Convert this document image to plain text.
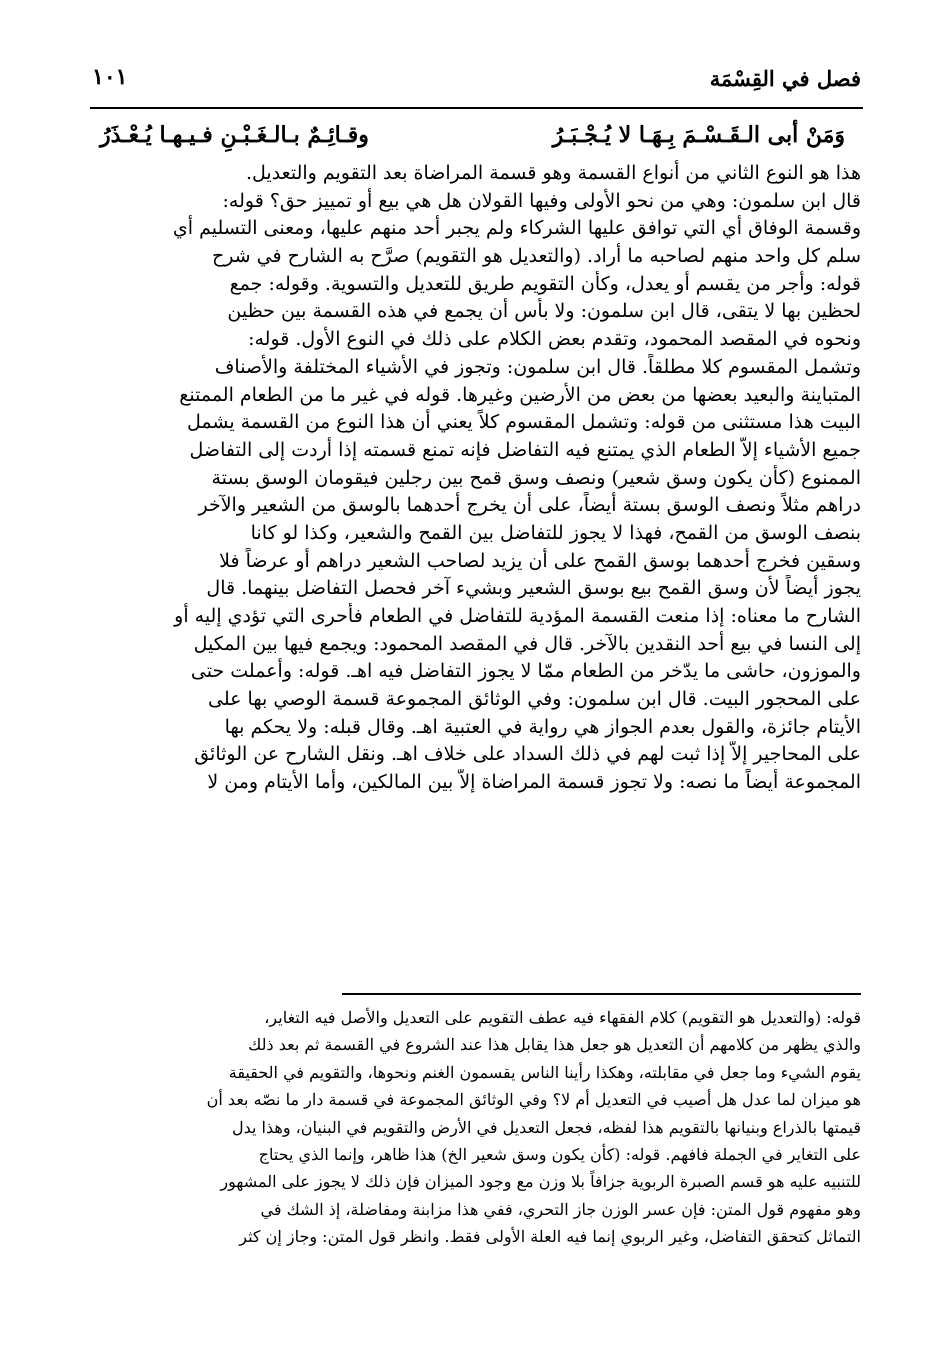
فصل في القِسْمَة
١٠١
وَمَنْ أبى الـقَـسْـمَ بِـهَـا لا يُـجْـبَـرُ
وقـائِـمٌ بـالـغَـبْـنِ فـيـهـا يُـعْـذَرُ
هذا هو النوع الثاني من أنواع القسمة وهو قسمة المراضاة بعد التقويم والتعديل.
قال ابن سلمون: وهي من نحو الأولى وفيها القولان هل هي بيع أو تمييز حق؟ قوله:
وقسمة الوفاق أي التي توافق عليها الشركاء ولم يجبر أحد منهم عليها، ومعنى التسليم أي
سلم كل واحد منهم لصاحبه ما أراد. (والتعديل هو التقويم) صرَّح به الشارح في شرح
قوله: وأجر من يقسم أو يعدل، وكأن التقويم طريق للتعديل والتسوية. وقوله: جمع
لحظين بها لا يتقى، قال ابن سلمون: ولا بأس أن يجمع في هذه القسمة بين حظين
ونحوه في المقصد المحمود، وتقدم بعض الكلام على ذلك في النوع الأول. قوله:
وتشمل المقسوم كلا مطلقاً. قال ابن سلمون: وتجوز في الأشياء المختلفة والأصناف
المتباينة والبعيد بعضها من بعض من الأرضين وغيرها. قوله في غير ما من الطعام الممتنع
البيت هذا مستثنى من قوله: وتشمل المقسوم كلاً يعني أن هذا النوع من القسمة يشمل
جميع الأشياء إلاَّ الطعام الذي يمتنع فيه التفاضل فإنه تمنع قسمته إذا أردت إلى التفاضل
الممنوع (كأن يكون وسق شعير) ونصف وسق قمح بين رجلين فيقومان الوسق بستة
دراهم مثلاً ونصف الوسق بستة أيضاً، على أن يخرج أحدهما بالوسق من الشعير والآخر
بنصف الوسق من القمح، فهذا لا يجوز للتفاضل بين القمح والشعير، وكذا لو كانا
وسقين فخرج أحدهما بوسق القمح على أن يزيد لصاحب الشعير دراهم أو عرضاً فلا
يجوز أيضاً لأن وسق القمح بيع بوسق الشعير وبشيء آخر فحصل التفاضل بينهما. قال
الشارح ما معناه: إذا منعت القسمة المؤدية للتفاضل في الطعام فأحرى التي تؤدي إليه أو
إلى النسا في بيع أحد النقدين بالآخر. قال في المقصد المحمود: ويجمع فيها بين المكيل
والموزون، حاشى ما يدّخر من الطعام ممّا لا يجوز التفاضل فيه اهـ. قوله: وأعملت حتى
على المحجور البيت. قال ابن سلمون: وفي الوثائق المجموعة قسمة الوصي بها على
الأيتام جائزة، والقول بعدم الجواز هي رواية في العتبية اهـ. وقال قبله: ولا يحكم بها
على المحاجير إلاَّ إذا ثبت لهم في ذلك السداد على خلاف اهـ. ونقل الشارح عن الوثائق
المجموعة أيضاً ما نصه: ولا تجوز قسمة المراضاة إلاَّ بين المالكين، وأما الأيتام ومن لا
قوله: (والتعديل هو التقويم) كلام الفقهاء فيه عطف التقويم على التعديل والأصل فيه التغاير،
والذي يظهر من كلامهم أن التعديل هو جعل هذا يقابل هذا عند الشروع في القسمة ثم بعد ذلك
يقوم الشيء وما جعل في مقابلته، وهكذا رأينا الناس يقسمون الغنم ونحوها، والتقويم في الحقيقة
هو ميزان لما عدل هل أصيب في التعديل أم لا؟ وفي الوثائق المجموعة في قسمة دار ما نصّه بعد أن
قيمتها بالذراع وبنيانها بالتقويم هذا لفظه، فجعل التعديل في الأرض والتقويم في البنيان، وهذا يدل
على التغاير في الجملة فافهم. قوله: (كأن يكون وسق شعير الخ) هذا ظاهر، وإنما الذي يحتاج
للتنبيه عليه هو قسم الصبرة الربوية جزافاً بلا وزن مع وجود الميزان فإن ذلك لا يجوز على المشهور
وهو مفهوم قول المتن: فإن عسر الوزن جاز التحري، ففي هذا مزابنة ومفاضلة، إذ الشك في
التماثل كتحقق التفاضل، وغير الربوي إنما فيه العلة الأولى فقط. وانظر قول المتن: وجاز إن كثر
